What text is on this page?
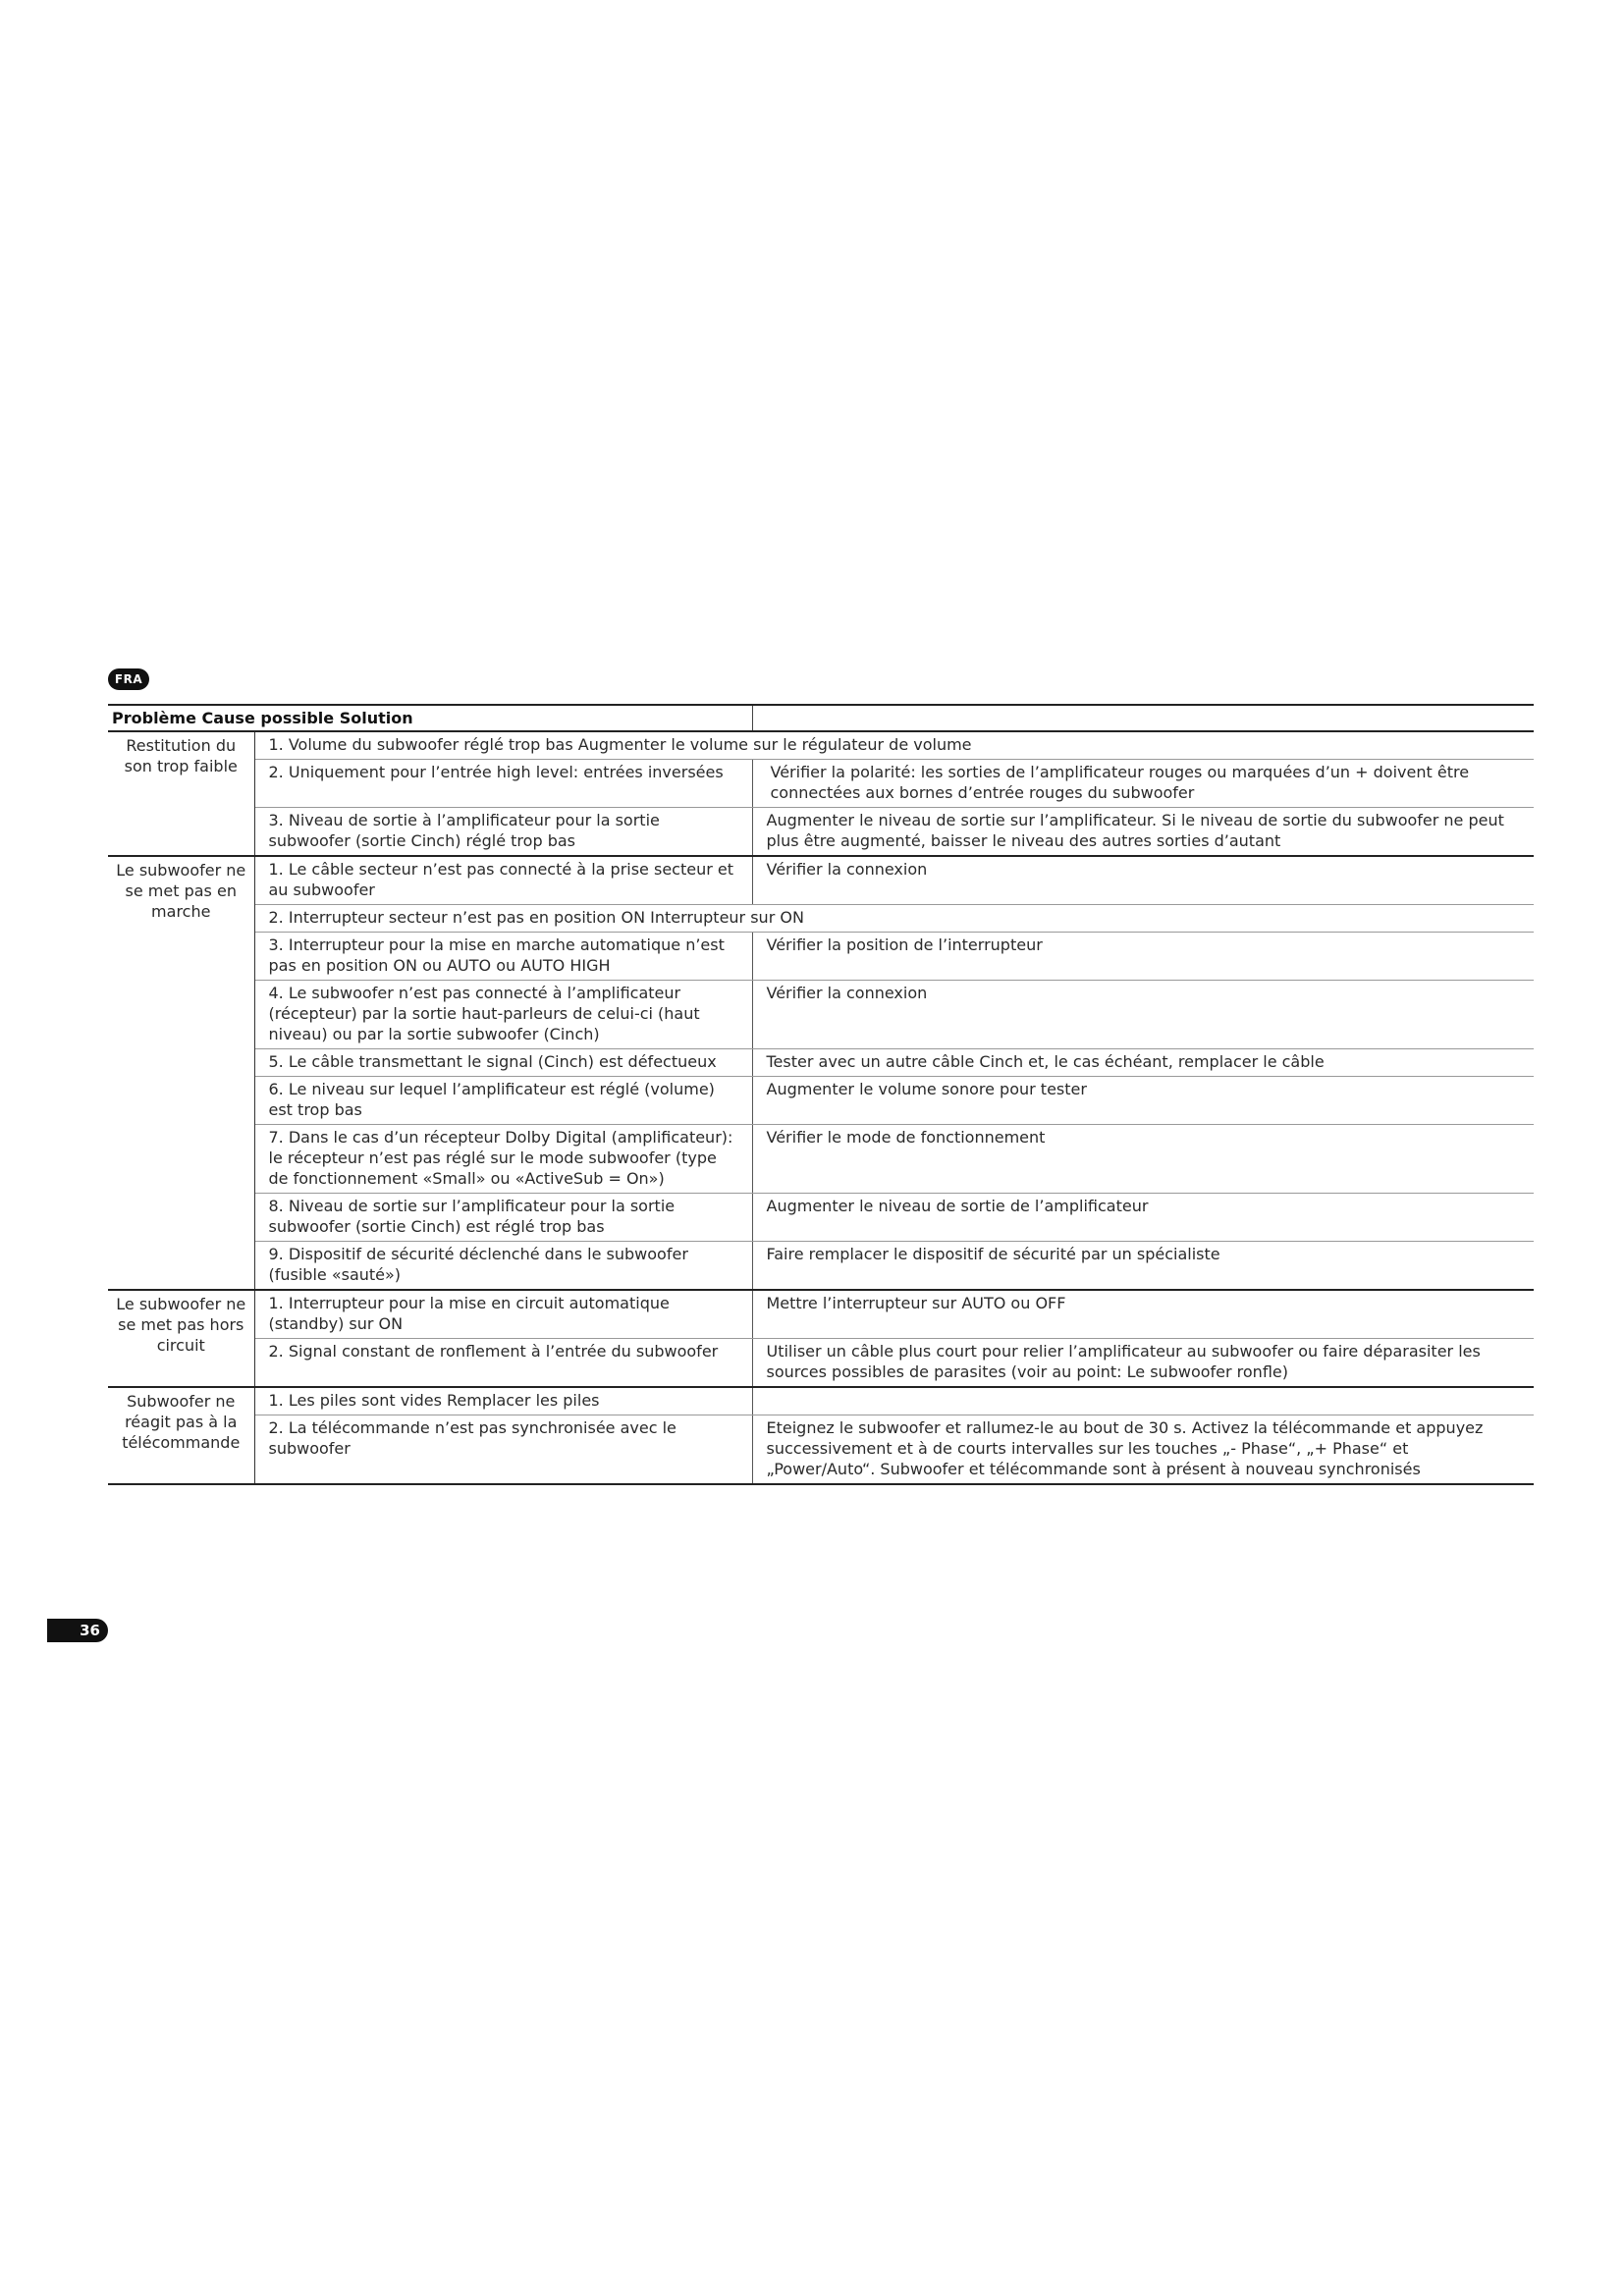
FRA
Problème Cause possible Solution		
Restitution du son trop faible	1. Volume du subwoofer réglé trop bas Augmenter le volume sur le régulateur de volume	
	2. Uniquement pour l’entrée high level: entrées inversées	Vérifier la polarité: les sorties de l’amplificateur rouges ou marquées d’un + doivent être connectées aux bornes d’entrée rouges du subwoofer

	3. Niveau de sortie à l’amplificateur pour la sortie subwoofer (sortie Cinch) réglé trop bas	Augmenter le niveau de sortie sur l’amplificateur. Si le niveau de sortie du subwoofer ne peut plus être augmenté, baisser le niveau des autres sorties d’autant
Le subwoofer ne se met pas en marche	1. Le câble secteur n’est pas connecté à la prise secteur et au subwoofer	Vérifier la connexion
	2. Interrupteur secteur n’est pas en position ON Interrupteur sur ON	
	3. Interrupteur pour la mise en marche automatique n’est pas en position ON ou AUTO ou AUTO HIGH	Vérifier la position de l’interrupteur
	4. Le subwoofer n’est pas connecté à l’amplificateur (récepteur) par la sortie haut-parleurs de celui-ci (haut niveau) ou par la sortie subwoofer (Cinch)	Vérifier la connexion
	5. Le câble transmettant le signal (Cinch) est défectueux	Tester avec un autre câble Cinch et, le cas échéant, remplacer le câble
	6. Le niveau sur lequel l’amplificateur est réglé (volume) est trop bas	Augmenter le volume sonore pour tester
	7. Dans le cas d’un récepteur Dolby Digital (amplificateur): le récepteur n’est pas réglé sur le mode subwoofer (type de fonctionnement «Small» ou «ActiveSub = On»)	Vérifier le mode de fonctionnement
	8. Niveau de sortie sur l’amplificateur pour la sortie subwoofer (sortie Cinch) est réglé trop bas	Augmenter le niveau de sortie de l’amplificateur
	9. Dispositif de sécurité déclenché dans le subwoofer (fusible «sauté»)	Faire remplacer le dispositif de sécurité par un spécialiste
Le subwoofer ne se met pas hors circuit	1. Interrupteur pour la mise en circuit automatique (standby) sur ON	Mettre l’interrupteur sur AUTO ou OFF
	2. Signal constant de ronflement à l’entrée du subwoofer	Utiliser un câble plus court pour relier l’amplificateur au subwoofer ou faire déparasiter les sources possibles de parasites (voir au point: Le subwoofer ronfle)
Subwoofer ne réagit pas à la télécommande	1. Les piles sont vides Remplacer les piles	
	2. La télécommande n’est pas synchronisée avec le subwoofer	Eteignez le subwoofer et rallumez-le au bout de 30 s. Activez la télécommande et appuyez successivement et à de courts intervalles sur les touches „- Phase“, „+ Phase“ et „Power/Auto“. Subwoofer et télécommande sont à présent à nouveau synchronisés
36
